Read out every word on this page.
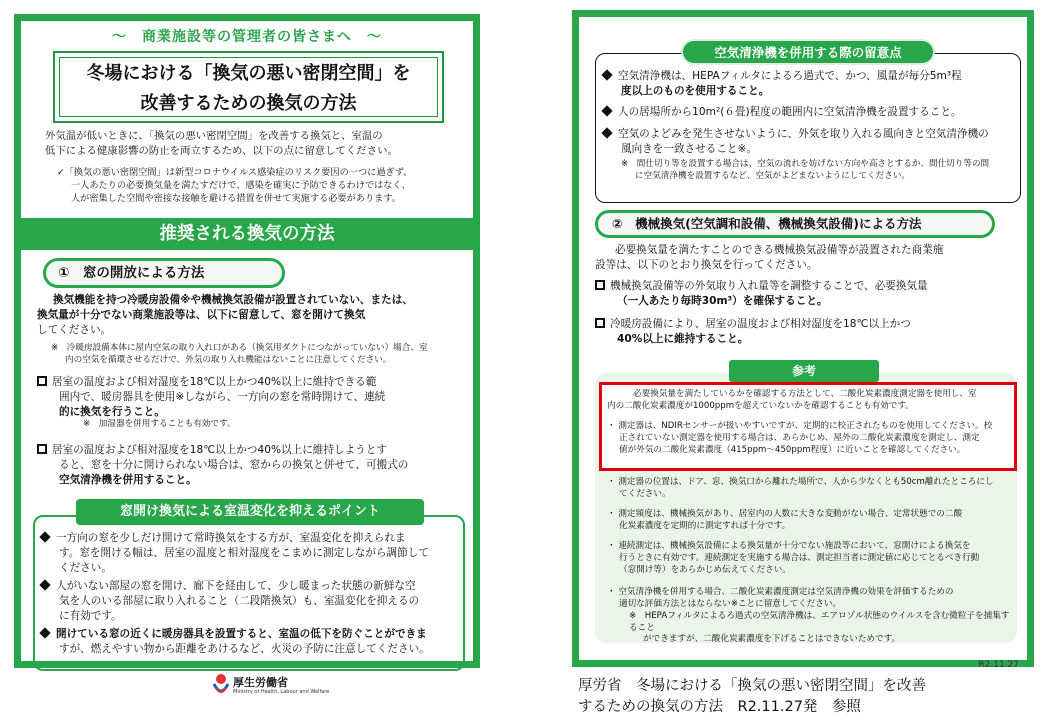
～　商業施設等の管理者の皆さまへ　～
冬場における「換気の悪い密閉空間」を
改善するための換気の方法
外気温が低いときに、「換気の悪い密閉空間」を改善する換気と、室温の
低下による健康影響の防止を両立するため、以下の点に留意してください。
✓「換気の悪い密閉空間」は新型コロナウイルス感染症のリスク要因の一つに過ぎず、
一人あたりの必要換気量を満たすだけで、感染を確実に予防できるわけではなく、
人が密集した空間や密接な接触を避ける措置を併せて実施する必要があります。
推奨される換気の方法
①　窓の開放による方法
換気機能を持つ冷暖房設備※や機械換気設備が設置されていない、または、
換気量が十分でない商業施設等は、以下に留意して、窓を開けて換気
してください。
※　冷暖房設備本体に屋内空気の取り入れ口がある（換気用ダクトにつながっていない）場合、室
内の空気を循環させるだけで、外気の取り入れ機能はないことに注意してください。
居室の温度および相対湿度を18℃以上かつ40%以上に維持できる範
囲内で、暖房器具を使用※しながら、一方向の窓を常時開けて、連続
的に換気を行うこと。
※　加湿器を併用することも有効です。
居室の温度および相対湿度を18℃以上かつ40%以上に維持しようとす
ると、窓を十分に開けられない場合は、窓からの換気と併せて、可搬式の
空気清浄機を併用すること。
窓開け換気による室温変化を抑えるポイント
一方向の窓を少しだけ開けて常時換気をする方が、室温変化を抑えられま
す。窓を開ける幅は、居室の温度と相対湿度をこまめに測定しながら調節して
ください。
人がいない部屋の窓を開け、廊下を経由して、少し暖まった状態の新鮮な空
気を人のいる部屋に取り入れること（二段階換気）も、室温変化を抑えるの
に有効です。
開けている窓の近くに暖房器具を設置すると、室温の低下を防ぐことができま
すが、燃えやすい物から距離をあけるなど、火災の予防に注意してください。
厚生労働省
Ministry of Health, Labour and Welfare
空気清浄機を併用する際の留意点
空気清浄機は、HEPAフィルタによるろ過式で、かつ、風量が毎分5m³程
度以上のものを使用すること。
人の居場所から10m²(６畳)程度の範囲内に空気清浄機を設置すること。
空気のよどみを発生させないように、外気を取り入れる風向きと空気清浄機の
風向きを一致させること※。
※　間仕切り等を設置する場合は、空気の流れを妨げない方向や高さとするか、間仕切り等の間
に空気清浄機を設置するなど、空気がよどまないようにしてください。
②　機械換気(空気調和設備、機械換気設備)による方法
必要換気量を満たすことのできる機械換気設備等が設置された商業施
設等は、以下のとおり換気を行ってください。
機械換気設備等の外気取り入れ量等を調整することで、必要換気量
（一人あたり毎時30m³）を確保すること。
冷暖房設備により、居室の温度および相対湿度を18℃以上かつ
40%以上に維持すること。
参考
必要換気量を満たしているかを確認する方法として、二酸化炭素濃度測定器を使用し、室
内の二酸化炭素濃度が1000ppmを超えていないかを確認することも有効です。
・ 測定器は、NDIRセンサーが扱いやすいですが、定期的に校正されたものを使用してください。校
正されていない測定器を使用する場合は、あらかじめ、屋外の二酸化炭素濃度を測定し、測定
値が外気の二酸化炭素濃度（415ppm～450ppm程度）に近いことを確認してください。
・ 測定器の位置は、ドア、窓、換気口から離れた場所で、人から少なくとも50cm離れたところにし
てください。
・ 測定頻度は、機械換気があり、居室内の人数に大きな変動がない場合、定常状態での二酸
化炭素濃度を定期的に測定すれば十分です。
・ 連続測定は、機械換気設備による換気量が十分でない施設等において、窓開けによる換気を
行うときに有効です。連続測定を実施する場合は、測定担当者に測定値に応じてとるべき行動
（窓開け等）をあらかじめ伝えてください。
・ 空気清浄機を併用する場合、二酸化炭素濃度測定は空気清浄機の効果を評価するための
適切な評価方法とはならない※ことに留意してください。
※　HEPAフィルタによるろ過式の空気清浄機は、エアロゾル状態のウイルスを含む微粒子を捕集すること
ができますが、二酸化炭素濃度を下げることはできないためです。
R2.11.27
厚労省　冬場における「換気の悪い密閉空間」を改善
するための換気の方法　R2.11.27発　参照
